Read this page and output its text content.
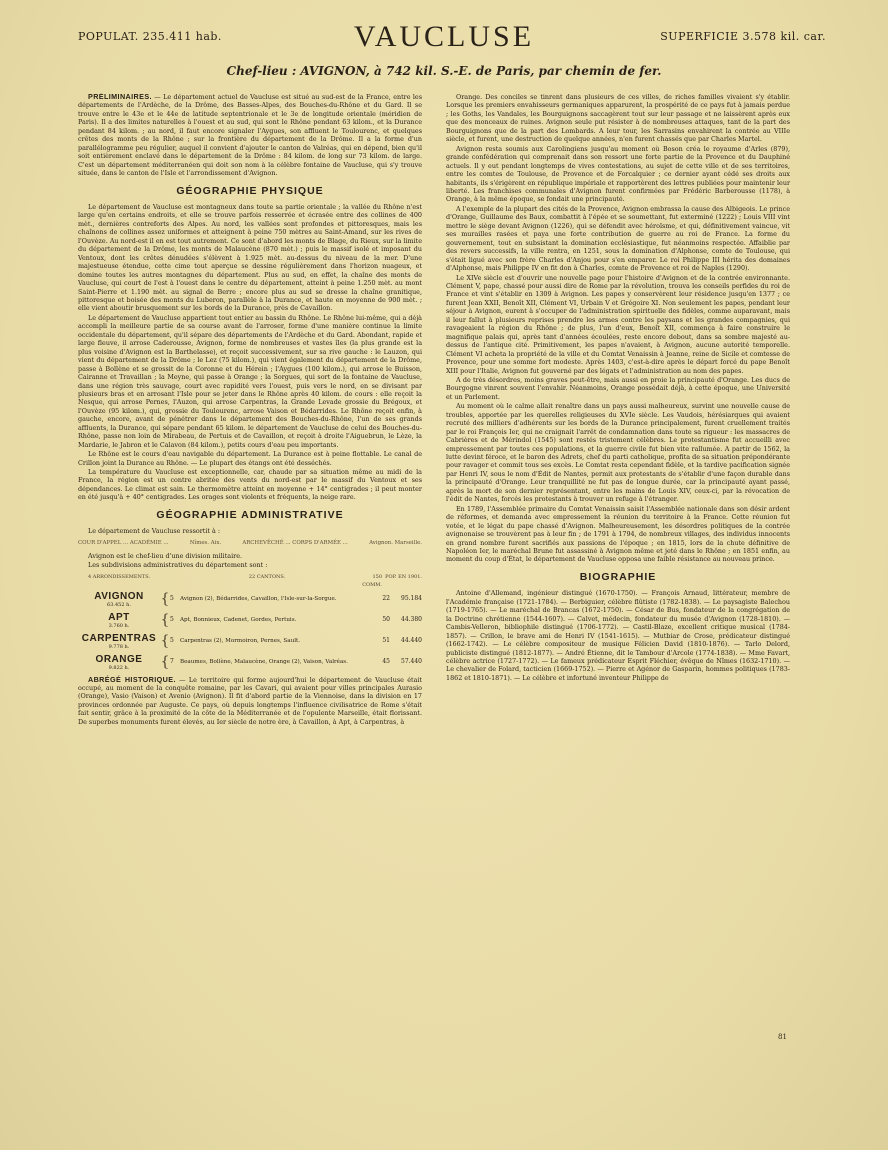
POPULAT. 235.411 hab.	VAUCLUSE	SUPERFICIE 3.578 kil. car.
Chef-lieu : AVIGNON, à 742 kil. S.-E. de Paris, par chemin de fer.

PRÉLIMINAIRES. — Le département actuel de Vaucluse est situé au sud-est de la France, entre les départements de l'Ardèche, de la Drôme, des Basses-Alpes, des Bouches-du-Rhône et du Gard. Il se trouve entre le 43e et le 44e de latitude septentrionale et le 3e de longitude orientale (méridien de Paris). Il a des limites naturelles à l'ouest et au sud, qui sont le Rhône pendant 63 kilom., et la Durance pendant 84 kilom. ; au nord, il faut encore signaler l'Aygues, son affluent le Toulourenc, et quelques crêtes des monts de la Rhône ; sur la frontière du département de la Drôme. Il a la forme d'un parallélogramme peu régulier, auquel il convient d'ajouter le canton de Valréas, qui en dépend, bien qu'il soit entièrement enclavé dans le département de la Drôme : 84 kilom. de long sur 73 kilom. de large. C'est un département méditerranéen qui doit son nom à la célèbre fontaine de Vaucluse, qui s'y trouve située, dans le canton de l'Isle et l'arrondissement d'Avignon.

GÉOGRAPHIE PHYSIQUE

Le département de Vaucluse est montagneux dans toute sa partie orientale ; la vallée du Rhône n'est large qu'en certains endroits, et elle se trouve parfois resserrée et écrasée entre des collines de 400 mèt., dernières contreforts des Alpes. Au nord, les vallées sont profondes et pittoresques, mais les chaînons de collines assez uniformes et atteignent à peine 750 mètres au Saint-Amand, sur les rives de l'Ouvèze. Au nord-est il en est tout autrement. Ce sont d'abord les monts de Blage, du Rieux, sur la limite du département de la Drôme, les monts de Malaucène (870 mèt.) ; puis le massif isolé et imposant du Ventoux, dont les crêtes dénudées s'élèvent à 1.925 mèt. au-dessus du niveau de la mer. D'une majestueuse étendue, cette cime tout aperçue se dessine régulièrement dans l'horizon nuageux, et domine toutes les autres montagnes du département. Plus au sud, en effet, la chaîne des monts de Vaucluse, qui court de l'est à l'ouest dans le centre du département, atteint à peine 1.250 mèt. au mont Saint-Pierre et 1.190 mèt. au signal de Berre ; encore plus au sud se dresse la chaîne granitique, pittoresque et boisée des monts du Luberon, parallèle à la Durance, et haute en moyenne de 900 mèt. ; elle vient aboutir brusquement sur les bords de la Durance, près de Cavaillon.

Le département de Vaucluse appartient tout entier au bassin du Rhône. Le Rhône lui-même, qui a déjà accompli la meilleure partie de sa course avant de l'arroser, forme d'une manière continue la limite occidentale du département, qu'il sépare des départements de l'Ardèche et du Gard. Abondant, rapide et large fleuve, il arrose Caderousse, Avignon, forme de nombreuses et vastes îles (la plus grande est la plus voisine d'Avignon est la Barthelasse), et reçoit successivement, sur sa rive gauche : le Lauzon, qui vient du département de la Drôme ; le Lez (75 kilom.), qui vient également du département de la Drôme, passe à Bollène et se grossit de la Coronne et du Hérein ; l'Aygues (100 kilom.), qui arrose le Buisson, Cairanne et Travaillan ; la Meyne, qui passe à Orange ; la Sorgues, qui sort de la fontaine de Vaucluse, dans une région très sauvage, court avec rapidité vers l'ouest, puis vers le nord, en se divisant par plusieurs bras et en arrosant l'Isle pour se jeter dans le Rhône après 40 kilom. de cours : elle reçoit la Nesque, qui arrose Pernes, l'Auzon, qui arrose Carpentras, la Grande Levade grossie du Brégoux, et l'Ouvèze (95 kilom.), qui, grossie du Toulourenc, arrose Vaison et Bédarrides. Le Rhône reçoit enfin, à gauche, encore, avant de pénétrer dans le département des Bouches-du-Rhône, l'un de ses grands affluents, la Durance, qui sépare pendant 65 kilom. le département de Vaucluse de celui des Bouches-du-Rhône, passe non loin de Mirabeau, de Pertuis et de Cavaillon, et reçoit à droite l'Aiguebrun, le Lèze, la Mardarie, le Jabron et le Calavon (84 kilom.), petits cours d'eau peu importants.

Le Rhône est le cours d'eau navigable du département. La Durance est à peine flottable. Le canal de Crillon joint la Durance au Rhône. — Le plupart des étangs ont été desséchés.

La température du Vaucluse est exceptionnelle, car, chaude par sa situation même au midi de la France, la région est un contre abritée des vents du nord-est par le massif du Ventoux et ses dépendances. Le climat est sain. Le thermomètre atteint en moyenne + 14° centigrades ; il peut monter en été jusqu'à + 40° centigrades. Les orages sont violents et fréquents, la neige rare.

GÉOGRAPHIE ADMINISTRATIVE

Le département de Vaucluse ressortit à :

COUR D'APPEL ... ACADÉMIE ...	Nîmes. Aix.	ARCHEVÊCHÉ ... CORPS D'ARMÉE ...	Avignon. Marseille.

Avignon est le chef-lieu d'une division militaire.

Les subdivisions administratives du département sont :

4 ARRONDISSEMENTS.	22 CANTONS.	150 COMM.
POP. EN 1901.
AVIGNON
63.452 h.	{ 5	Avignon (2), Bédarrides, Cavaillon, l'Isle-sur-la-Sorgue.	22	95.184
APT
3.760 h.	{ 5	Apt, Bonnieux, Cadenet, Gordes, Pertuis.	50	44.380
CARPENTRAS
9.778 h.	{ 5	Carpentras (2), Mormoiron, Pernes, Sault.	51	44.440
ORANGE
9.822 h.	{ 7	Beaumes, Bollène, Malaucène, Orange (2), Vaison, Valréas.	45	57.440

ABRÉGÉ HISTORIQUE. — Le territoire qui forme aujourd'hui le département de Vaucluse était occupé, au moment de la conquête romaine, par les Cavari, qui avaient pour villes principales Aurasio (Orange), Vasio (Vaison) et Avenio (Avignon). Il fit d'abord partie de la Viennoise, dans la division en 17 provinces ordonnée par Auguste. Ce pays, où depuis longtemps l'influence civilisatrice de Rome s'était fait sentir, grâce à la proximité de la côte de la Méditerranée et de l'opulente Marseille, était florissant. De superbes monuments furent élevés, au Ier siècle de notre ère, à Cavaillon, à Apt, à Carpentras, à

Orange. Des conciles se tinrent dans plusieurs de ces villes, de riches familles vivaient s'y établir. Lorsque les premiers envahisseurs germaniques apparurent, la prospérité de ce pays fut à jamais perdue ; les Goths, les Vandales, les Bourguignons saccagèrent tout sur leur passage et ne laissèrent après eux que des monceaux de ruines. Avignon seule put résister à de nombreuses attaques, tant de la part des Bourguignons que de la part des Lombards. A leur tour, les Sarrasins envahirent la contrée au VIIIe siècle, et furent, une destruction de quelque années, n'en furent chassés que par Charles Martel.

Avignon resta soumis aux Carolingiens jusqu'au moment où Boson créa le royaume d'Arles (879), grande confédération qui comprenait dans son ressort une forte partie de la Provence et du Dauphiné actuels. Il y eut pendant longtemps de vives contestations, au sujet de cette ville et de ses territoires, entre les comtes de Toulouse, de Provence et de Forcalquier ; ce dernier ayant cédé ses droits aux habitants, ils s'érigèrent en république impériale et rapportèrent des lettres publiées pour maintenir leur liberté. Les franchises communales d'Avignon furent confirmées par Frédéric Barberousse (1178), à Orange, à la même époque, se fondait une principauté.

A l'exemple de la plupart des cités de la Provence, Avignon embrassa la cause des Albigeois. Le prince d'Orange, Guillaume des Baux, combattit à l'épée et se soumettant, fut exterminé (1222) ; Louis VIII vint mettre le siège devant Avignon (1226), qui se défendit avec héroïsme, et qui, définitivement vaincue, vit ses murailles rasées et paya une forte contribution de guerre au roi de France. La forme du gouvernement, tout en subsistant la domination ecclésiastique, fut néanmoins respectée. Affaiblie par des revers successifs, la ville rentra, en 1251, sous la domination d'Alphonse, comte de Toulouse, qui s'était ligué avec son frère Charles d'Anjou pour s'en emparer. Le roi Philippe III hérita des domaines d'Alphonse, mais Philippe IV en fit don à Charles, comte de Provence et roi de Naples (1290).

Le XIVe siècle est d'ouvrir une nouvelle page pour l'histoire d'Avignon et de la contrée environnante. Clément V, pape, chassé pour aussi dire de Rome par la révolution, trouva les conseils perfides du roi de France et vint s'établir en 1309 à Avignon. Les papes y conservèrent leur résidence jusqu'en 1377 ; ce furent Jean XXII, Benoît XII, Clément VI, Urbain V et Grégoire XI. Non seulement les papes, pendant leur séjour à Avignon, eurent à s'occuper de l'administration spirituelle des fidèles, comme auparavant, mais il leur fallut à plusieurs reprises prendre les armes contre les paysans et les grandes compagnies, qui ravageaient la région du Rhône ; de plus, l'un d'eux, Benoît XII, commença à faire construire le magnifique palais qui, après tant d'années écoulées, reste encore debout, dans sa sombre majesté au-dessus de l'antique cité. Primitivement, les papes n'avaient, à Avignon, aucune autorité temporelle. Clément VI acheta la propriété de la ville et du Comtat Venaissin à Jeanne, reine de Sicile et comtesse de Provence, pour une somme fort modeste. Après 1403, c'est-à-dire après le départ forcé du pape Benoît XIII pour l'Italie, Avignon fut gouverné par des légats et l'administration au nom des papes.

A de très désordres, moins graves peut-être, mais aussi en proie la principauté d'Orange. Les ducs de Bourgogne vinrent souvent l'envahir. Néanmoins, Orange possédait déjà, à cette époque, une Université et un Parlement.

Au moment où le calme allait renaître dans un pays aussi malheureux, survint une nouvelle cause de troubles, apportée par les querelles religieuses du XVIe siècle. Les Vaudois, hérésiarques qui avaient recruté des milliers d'adhérents sur les bords de la Durance principalement, furent cruellement traités par le roi François Ier, qui ne craignait l'arrêt de condamnation dans toute sa rigueur : les massacres de Cabrières et de Mérindol (1545) sont restés tristement célèbres. Le protestantisme fut accueilli avec empressement par toutes ces populations, et la guerre civile fut bien vite rallumée. A partir de 1562, la lutte devint féroce, et le baron des Adrets, chef du parti catholique, profita de sa situation prépondérante pour ravager et commit tous ses excès. Le Comtat resta cependant fidèle, et la tardive pacification signée par Henri IV, sous le nom d'Édit de Nantes, permit aux protestants de s'établir d'une façon durable dans la principauté d'Orange. Leur tranquillité ne fut pas de longue durée, car la principauté ayant passé, après la mort de son dernier représentant, entre les mains de Louis XIV, ceux-ci, par la révocation de l'édit de Nantes, forcés les protestants à trouver un refuge à l'étranger.

En 1789, l'Assemblée primaire du Comtat Venaissin saisit l'Assemblée nationale dans son désir ardent de réformes, et demanda avec empressement la réunion du territoire à la France. Cette réunion fut votée, et le légat du pape chassé d'Avignon. Malheureusement, les désordres politiques de la contrée avignonaise se trouvèrent pas à leur fin ; de 1791 à 1794, de nombreux villages, des individus innocents en grand nombre furent sacrifiés aux passions de l'époque ; en 1815, lors de la chute définitive de Napoléon Ier, le maréchal Brune fut assassiné à Avignon même et jeté dans le Rhône ; en 1851 enfin, au moment du coup d'État, le département de Vaucluse opposa une faible résistance au nouveau prince.

BIOGRAPHIE

Antoine d'Allemand, ingénieur distingué (1670-1750). — François Arnaud, littérateur, membre de l'Académie française (1721-1784). — Berbiguier, célèbre flûtiste (1782-1838). — Le paysagiste Balechou (1719-1765). — Le maréchal de Brancas (1672-1750). — César de Bus, fondateur de la congrégation de la Doctrine chrétienne (1544-1607). — Calvet, médecin, fondateur du musée d'Avignon (1728-1810). — Cambis-Velleron, bibliophile distingué (1706-1772). — Castil-Blaze, excellent critique musical (1784-1857). — Crillon, le brave ami de Henri IV (1541-1615). — Mutbiar de Crose, prédicateur distingué (1662-1742). — Le célèbre compositeur de musique Félicien David (1810-1876). — Tarlo Delord, publiciste distingué (1812-1877). — André Étienne, dit le Tambour d'Arcole (1774-1838). — Mme Favart, célèbre actrice (1727-1772). — Le fameux prédicateur Esprit Fléchier, évêque de Nîmes (1632-1710). — Le chevalier de Folard, tacticien (1669-1752). — Pierre et Agénor de Gasparin, hommes politiques (1783-1862 et 1810-1871). — Le célèbre et infortuné inventeur Philippe de

81
